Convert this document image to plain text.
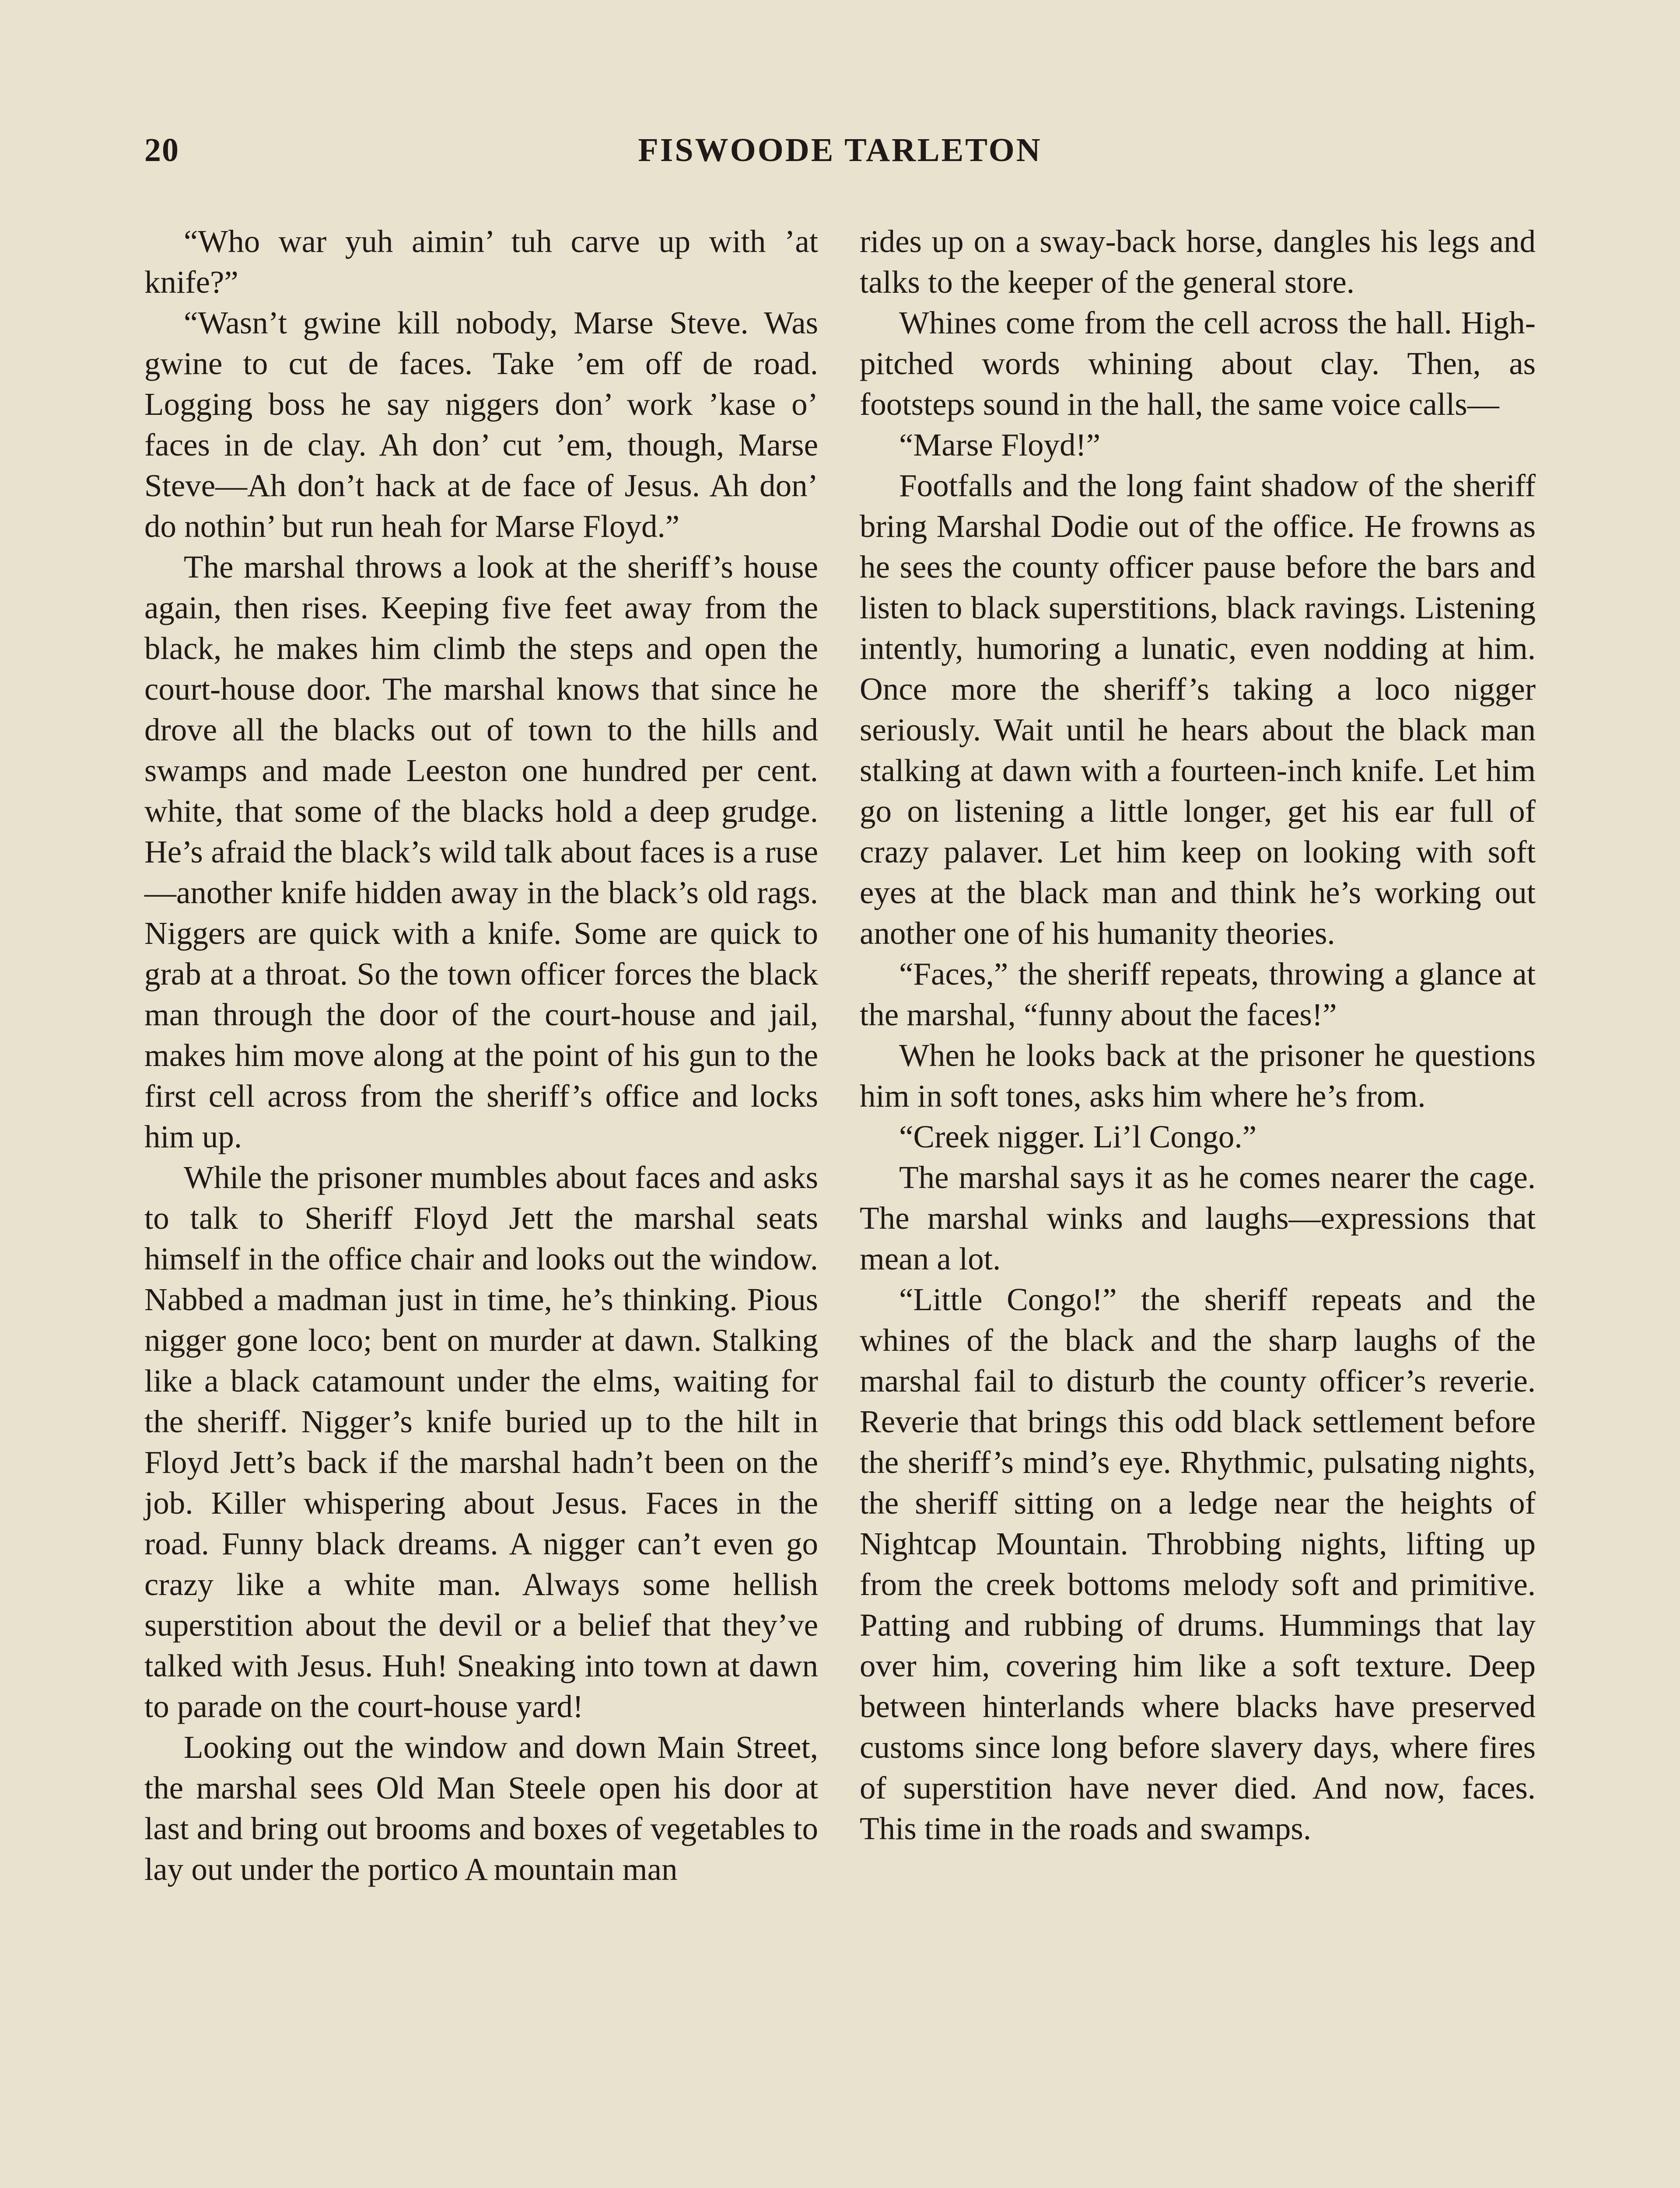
20	FISWOODE TARLETON

“Who war yuh aimin’ tuh carve up with ’at knife?”

“Wasn’t gwine kill nobody, Marse Steve. Was gwine to cut de faces. Take ’em off de road. Logging boss he say niggers don’ work ’kase o’ faces in de clay. Ah don’ cut ’em, though, Marse Steve—Ah don’t hack at de face of Jesus. Ah don’ do nothin’ but run heah for Marse Floyd.”

The marshal throws a look at the sheriff’s house again, then rises. Keeping five feet away from the black, he makes him climb the steps and open the court-house door. The marshal knows that since he drove all the blacks out of town to the hills and swamps and made Leeston one hundred per cent. white, that some of the blacks hold a deep grudge. He’s afraid the black’s wild talk about faces is a ruse—another knife hidden away in the black’s old rags. Niggers are quick with a knife. Some are quick to grab at a throat. So the town officer forces the black man through the door of the court-house and jail, makes him move along at the point of his gun to the first cell across from the sheriff’s office and locks him up.

While the prisoner mumbles about faces and asks to talk to Sheriff Floyd Jett the marshal seats himself in the office chair and looks out the window. Nabbed a madman just in time, he’s thinking. Pious nigger gone loco; bent on murder at dawn. Stalking like a black catamount under the elms, waiting for the sheriff. Nigger’s knife buried up to the hilt in Floyd Jett’s back if the marshal hadn’t been on the job. Killer whispering about Jesus. Faces in the road. Funny black dreams. A nigger can’t even go crazy like a white man. Always some hellish superstition about the devil or a belief that they’ve talked with Jesus. Huh! Sneaking into town at dawn to parade on the court-house yard!

Looking out the window and down Main Street, the marshal sees Old Man Steele open his door at last and bring out brooms and boxes of vegetables to lay out under the portico A mountain man

rides up on a sway-back horse, dangles his legs and talks to the keeper of the general store.

Whines come from the cell across the hall. High-pitched words whining about clay. Then, as footsteps sound in the hall, the same voice calls—

“Marse Floyd!”

Footfalls and the long faint shadow of the sheriff bring Marshal Dodie out of the office. He frowns as he sees the county officer pause before the bars and listen to black superstitions, black ravings. Listening intently, humoring a lunatic, even nodding at him. Once more the sheriff’s taking a loco nigger seriously. Wait until he hears about the black man stalking at dawn with a fourteen-inch knife. Let him go on listening a little longer, get his ear full of crazy palaver. Let him keep on looking with soft eyes at the black man and think he’s working out another one of his humanity theories.

“Faces,” the sheriff repeats, throwing a glance at the marshal, “funny about the faces!”

When he looks back at the prisoner he questions him in soft tones, asks him where he’s from.

“Creek nigger. Li’l Congo.”

The marshal says it as he comes nearer the cage. The marshal winks and laughs—expressions that mean a lot.

“Little Congo!” the sheriff repeats and the whines of the black and the sharp laughs of the marshal fail to disturb the county officer’s reverie. Reverie that brings this odd black settlement before the sheriff’s mind’s eye. Rhythmic, pulsating nights, the sheriff sitting on a ledge near the heights of Nightcap Mountain. Throbbing nights, lifting up from the creek bottoms melody soft and primitive. Patting and rubbing of drums. Hummings that lay over him, covering him like a soft texture. Deep between hinterlands where blacks have preserved customs since long before slavery days, where fires of superstition have never died. And now, faces. This time in the roads and swamps.
